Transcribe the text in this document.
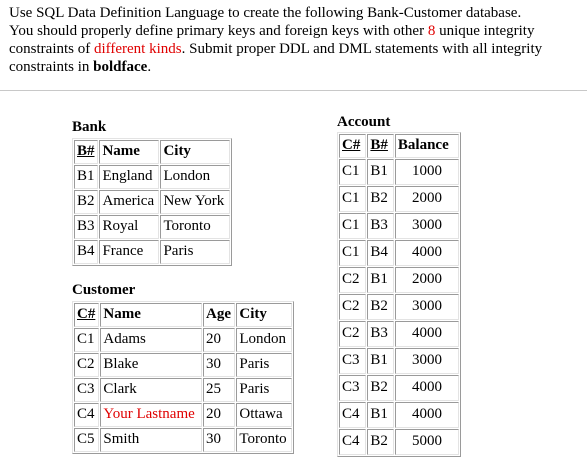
Use SQL Data Definition Language to create the following Bank-Customer database.
You should properly define primary keys and foreign keys with other 8 unique integrity
constraints of different kinds. Submit proper DDL and DML statements with all integrity
constraints in boldface.
Bank
B#	Name	City
B1	England	London
B2	America	New York
B3	Royal	Toronto
B4	France	Paris
Customer
C#	Name	Age	City
C1	Adams	20	London
C2	Blake	30	Paris
C3	Clark	25	Paris
C4	Your Lastname	20	Ottawa
C5	Smith	30	Toronto
Account
C#	B#	Balance
C1	B1	1000
C1	B2	2000
C1	B3	3000
C1	B4	4000
C2	B1	2000
C2	B2	3000
C2	B3	4000
C3	B1	3000
C3	B2	4000
C4	B1	4000
C4	B2	5000
